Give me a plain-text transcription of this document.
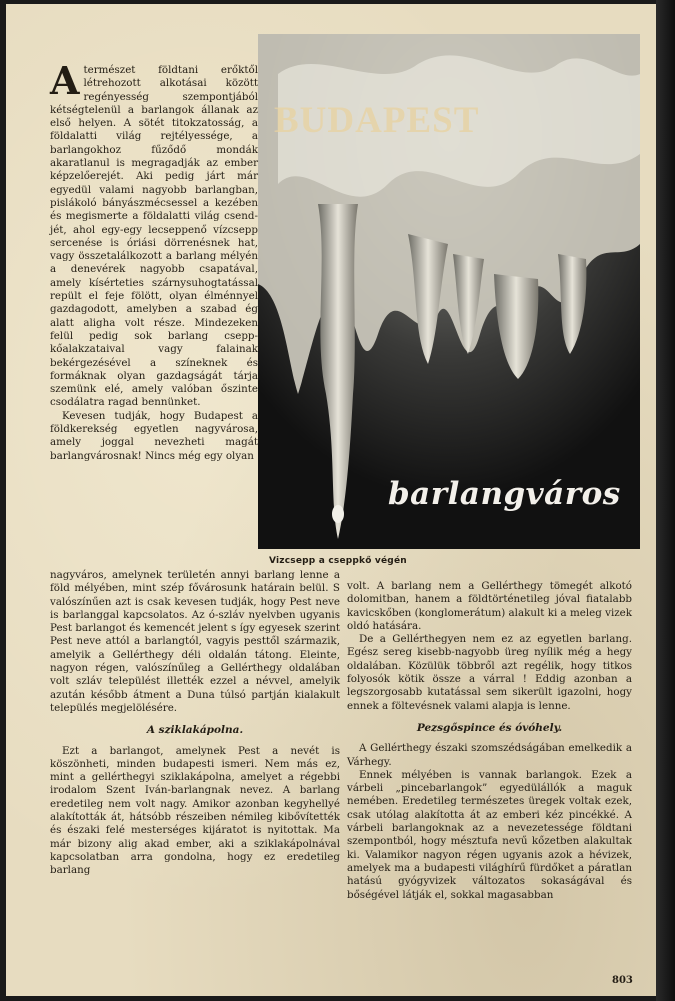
BUDAPEST
barlangváros
Vizcsepp a cseppkő végén

Atermészet földtani erőktől létrehozott alkotásai között regényesség szempontjából kétségtelenül a barlangok állanak az első helyen. A sötét titokzatosság, a földalatti világ rejtélyessége, a barlangokhoz fűződő mondák akaratlanul is megragadják az ember képzelőerejét. Aki pedig járt már egyedül valami nagyobb barlangban, pislákoló bányászmécsessel a kezében és megismerte a földalatti világ csendjét, ahol egy-egy lecseppenő vízcsepp sercenése is óriási dörrenésnek hat, vagy összetalálkozott a barlang mélyén a denevérek nagyobb csapatával, amely kísérteties szárnysuhogtatással repült el feje fölött, olyan élménnyel gazdagodott, amelyben a szabad ég alatt aligha volt része. Mindezeken felül pedig sok barlang cseppkőalakzataival vagy falainak bekérgezésével a színeknek és formáknak olyan gazdagságát tárja szemünk elé, amely valóban őszinte csodálatra ragad bennünket.

Kevesen tudják, hogy Budapest a földkerekség egyetlen nagyvárosa, amely joggal nevezheti magát barlangvárosnak! Nincs még egy olyan

nagyváros, amelynek területén annyi barlang lenne a föld mélyében, mint szép fővárosunk határain belül. S valószínűen azt is csak kevesen tudják, hogy Pest neve is barlanggal kapcsolatos. Az ó-szláv nyelvben ugyanis Pest barlangot és kemencét jelent s így egyesek szerint Pest neve attól a barlangtól, vagyis pesttől származik, amelyik a Gellérthegy déli oldalán tátong. Eleinte, nagyon régen, valószínűleg a Gellérthegy oldalában volt szláv települést illették ezzel a névvel, amelyik azután később átment a Duna túlsó partján kialakult település megjelölésére.

A sziklakápolna.

Ezt a barlangot, amelynek Pest a nevét is köszönheti, minden budapesti ismeri. Nem más ez, mint a gellérthegyi sziklakápolna, amelyet a régebbi irodalom Szent Iván-barlangnak nevez. A barlang eredetileg nem volt nagy. Amikor azonban kegyhellyé alakították át, hátsóbb részeiben némileg kibővítették és északi felé mesterséges kijáratot is nyitottak. Ma már bizony alig akad ember, aki a sziklakápolnával kapcsolatban arra gondolna, hogy ez eredetileg barlang

volt. A barlang nem a Gellérthegy tömegét alkotó dolomitban, hanem a földtörténetileg jóval fiatalabb kavicskőben (konglomerátum) alakult ki a meleg vizek oldó hatására.

De a Gellérthegyen nem ez az egyetlen barlang. Egész sereg kisebb-nagyobb üreg nyílik még a hegy oldalában. Közülük többről azt regélik, hogy titkos folyosók kötik össze a várral ! Eddig azonban a legszorgosabb kutatással sem sikerült igazolni, hogy ennek a föltevésnek valami alapja is lenne.

Pezsgőspince és óvóhely.

A Gellérthegy északi szomszédságában emelkedik a Várhegy.

Ennek mélyében is vannak barlangok. Ezek a várbeli „pincebarlangok” egyedülállók a maguk nemében. Eredetileg természetes üregek voltak ezek, csak utólag alakította át az emberi kéz pincékké. A várbeli barlangoknak az a nevezetessége földtani szempontból, hogy mésztufa nevű kőzetben alakultak ki. Valamikor nagyon régen ugyanis azok a hévizek, amelyek ma a budapesti világhírű fürdőket a páratlan hatású gyógyvizek változatos sokaságával és bőségével látják el, sokkal magasabban

803
